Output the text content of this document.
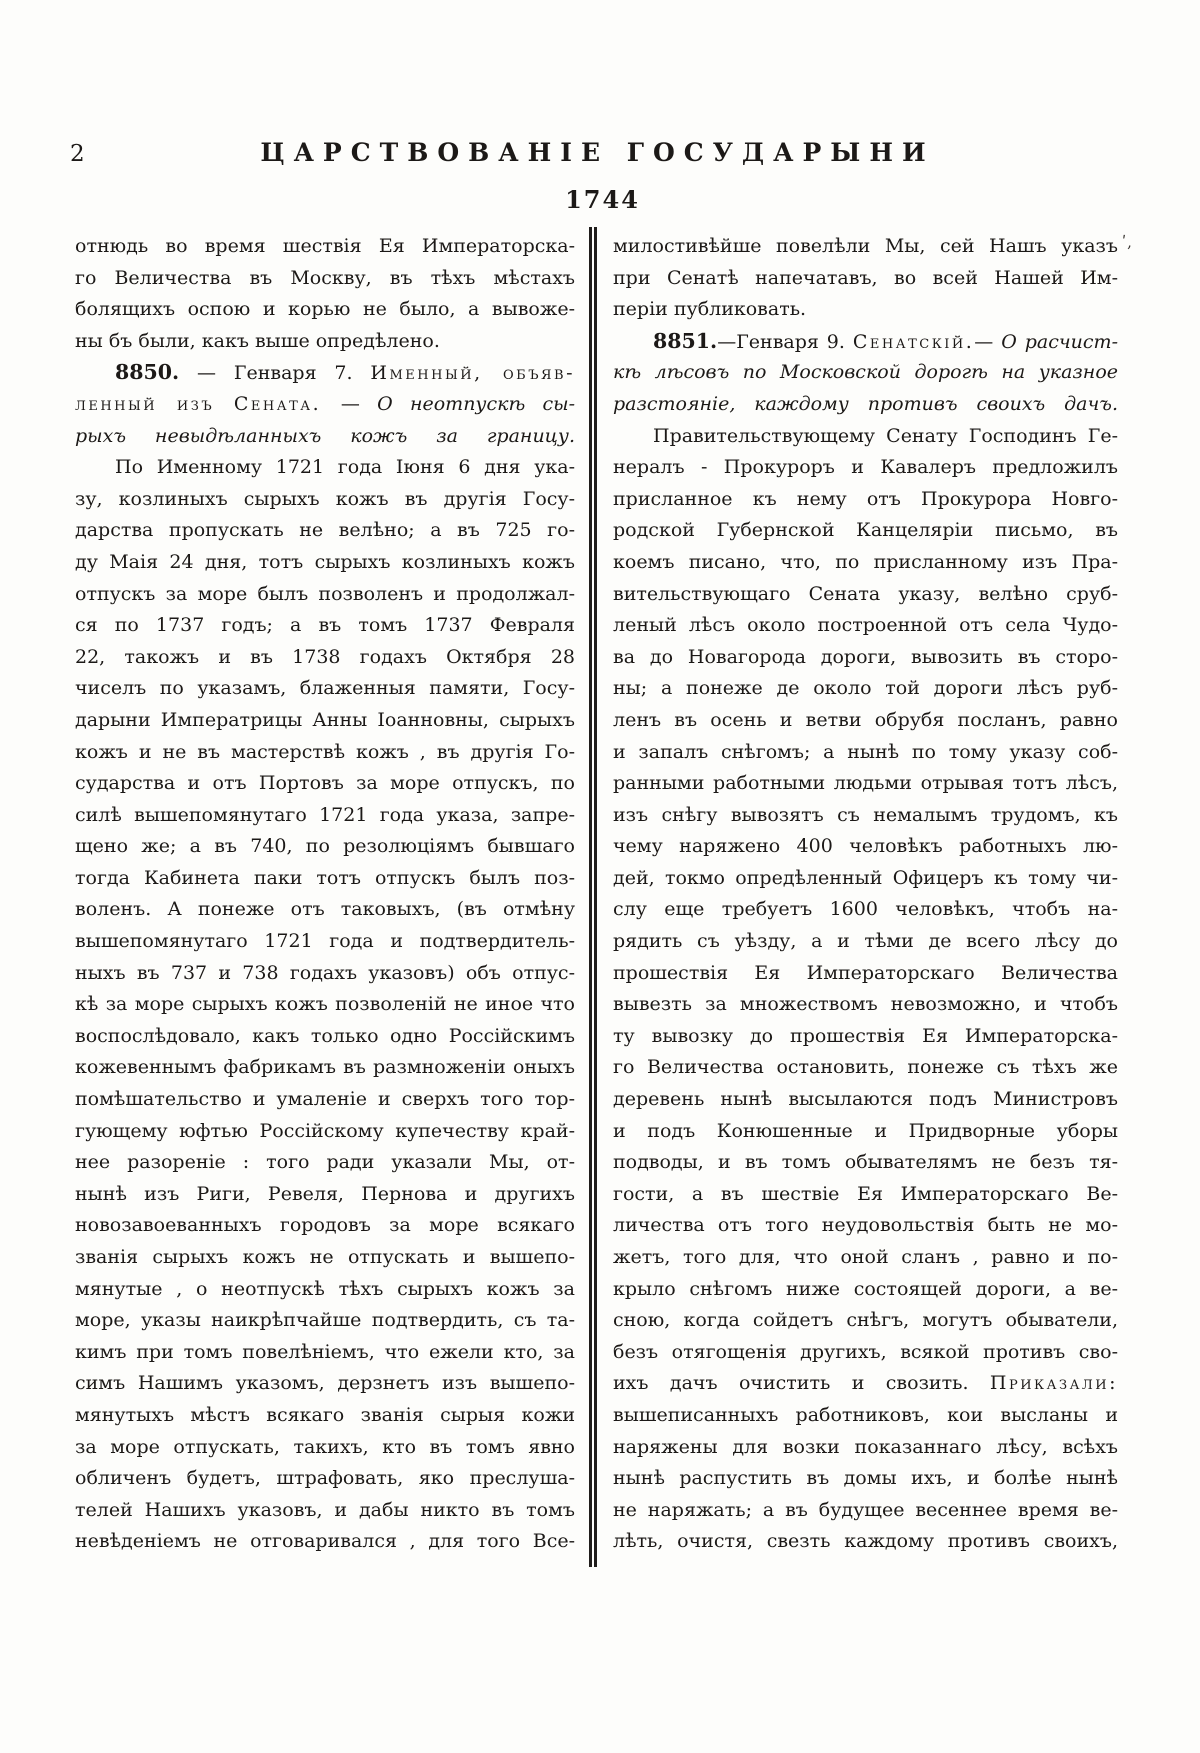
2	ЦАРСТВОВАНІЕ ГОСУДАРЫНИ
1744
ʹ,
отнюдь во время шествія Ея Императорска-
го Величества въ Москву, въ тѣхъ мѣстахъ
болящихъ оспою и корью не было, а вывоже-
ны бъ были, какъ выше опредѣлено.
8850. — Генваря 7. Именный, объяв-
ленный изъ Сената. — О неотпускѣ сы-
рыхъ невыдѣланныхъ кожъ за границу.
По Именному 1721 года Іюня 6 дня ука-
зу, козлиныхъ сырыхъ кожъ въ другія Госу-
дарства пропускать не велѣно; а въ 725 го-
ду Маія 24 дня, тотъ сырыхъ козлиныхъ кожъ
отпускъ за море былъ позволенъ и продолжал-
ся по 1737 годъ; а въ томъ 1737 Февраля
22, такожъ и въ 1738 годахъ Октября 28
чиселъ по указамъ, блаженныя памяти, Госу-
дарыни Императрицы Анны Іоанновны, сырыхъ
кожъ и не въ мастерствѣ кожъ , въ другія Го-
сударства и отъ Портовъ за море отпускъ, по
силѣ вышепомянутаго 1721 года указа, запре-
щено же; а въ 740, по резолюціямъ бывшаго
тогда Кабинета паки тотъ отпускъ былъ поз-
воленъ. А понеже отъ таковыхъ, (въ отмѣну
вышепомянутаго 1721 года и подтвердитель-
ныхъ въ 737 и 738 годахъ указовъ) объ отпус-
кѣ за море сырыхъ кожъ позволеній не иное что
воспослѣдовало, какъ только одно Россійскимъ
кожевеннымъ фабрикамъ въ размноженіи оныхъ
помѣшательство и умаленіе и сверхъ того тор-
гующему юфтью Россійскому купечеству край-
нее разореніе : того ради указали Мы, от-
нынѣ изъ Риги, Ревеля, Пернова и другихъ
новозавоеванныхъ городовъ за море всякаго
званія сырыхъ кожъ не отпускать и вышепо-
мянутые , о неотпускѣ тѣхъ сырыхъ кожъ за
море, указы наикрѣпчайше подтвердить, съ та-
кимъ при томъ повелѣніемъ, что ежели кто, за
симъ Нашимъ указомъ, дерзнетъ изъ вышепо-
мянутыхъ мѣстъ всякаго званія сырыя кожи
за море отпускать, такихъ, кто въ томъ явно
обличенъ будетъ, штрафовать, яко преслуша-
телей Нашихъ указовъ, и дабы никто въ томъ
невѣденіемъ не отговаривался , для того Все-
милостивѣйше повелѣли Мы, сей Нашъ указъ
при Сенатѣ напечатавъ, во всей Нашей Им-
періи публиковать.
8851.—Генваря 9. Сенатскій.— О расчист-
кѣ лѣсовъ по Московской дорогѣ на указное
разстояніе, каждому противъ своихъ дачъ.
Правительствующему Сенату Господинъ Ге-
нералъ - Прокуроръ и Кавалеръ предложилъ
присланное къ нему отъ Прокурора Новго-
родской Губернской Канцеляріи письмо, въ
коемъ писано, что, по присланному изъ Пра-
вительствующаго Сената указу, велѣно сруб-
леный лѣсъ около построенной отъ села Чудо-
ва до Новагорода дороги, вывозить въ сторо-
ны; а понеже де около той дороги лѣсъ руб-
ленъ въ осень и ветви обрубя посланъ, равно
и запалъ снѣгомъ; а нынѣ по тому указу соб-
ранными работными людьми отрывая тотъ лѣсъ,
изъ снѣгу вывозятъ съ немалымъ трудомъ, къ
чему наряжено 400 человѣкъ работныхъ лю-
дей, токмо опредѣленный Офицеръ къ тому чи-
слу еще требуетъ 1600 человѣкъ, чтобъ на-
рядить съ уѣзду, а и тѣми де всего лѣсу до
прошествія Ея Императорскаго Величества
вывезть за множествомъ невозможно, и чтобъ
ту вывозку до прошествія Ея Императорска-
го Величества остановить, понеже съ тѣхъ же
деревень нынѣ высылаются подъ Министровъ
и подъ Конюшенные и Придворные уборы
подводы, и въ томъ обывателямъ не безъ тя-
гости, а въ шествіе Ея Императорскаго Ве-
личества отъ того неудовольствія быть не мо-
жетъ, того для, что оной сланъ , равно и по-
крыло снѣгомъ ниже состоящей дороги, а ве-
сною, когда сойдетъ снѣгъ, могутъ обыватели,
безъ отягощенія другихъ, всякой противъ сво-
ихъ дачъ очистить и свозить. Приказали:
вышеписанныхъ работниковъ, кои высланы и
наряжены для возки показаннаго лѣсу, всѣхъ
нынѣ распустить въ домы ихъ, и болѣе нынѣ
не наряжать; а въ будущее весеннее время ве-
лѣть, очистя, свезть каждому противъ своихъ,
